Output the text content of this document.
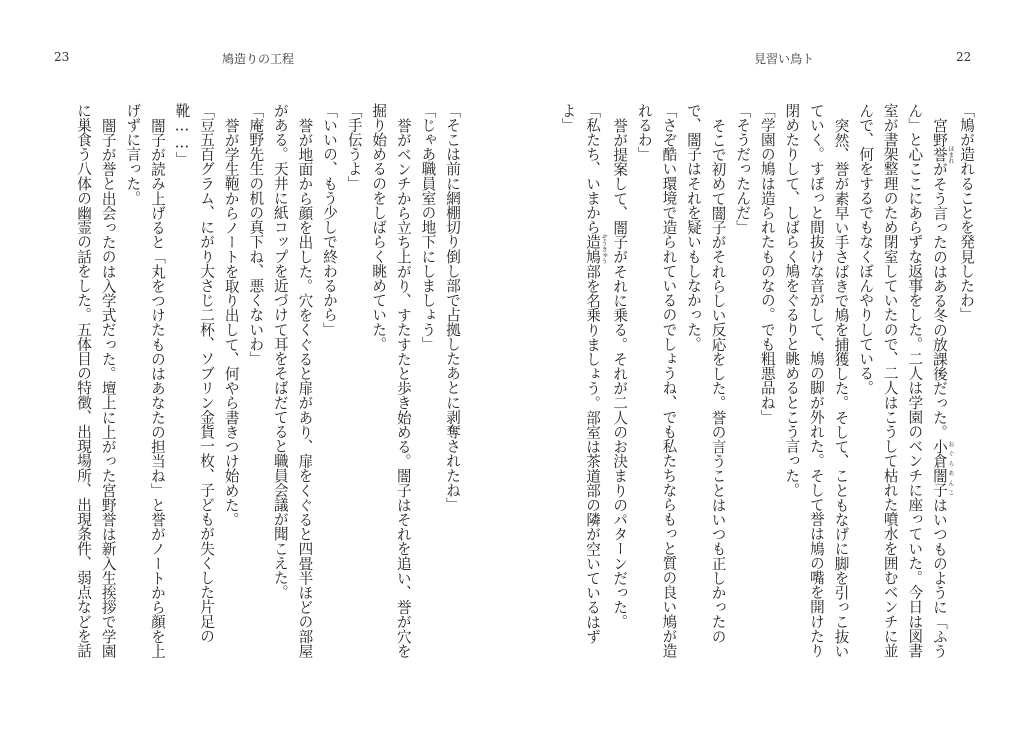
23	鳩造りの工程	見習い鳥ト	22

「鳩が造れることを発見したわ」

宮野誉 ほまれがそう言ったのはある冬の放課後だった。小倉闇子 おぐらあんこはいつものように「ふうん」と心ここにあらずな返事をした。二人は学園のベンチに座っていた。今日は図書室が書架整理のため閉室していたので、二人はこうして枯れた噴水を囲むベンチに並んで、何をするでもなくぼんやりしている。

突然、誉が素早い手さばきで鳩を捕獲した。そして、こともなげに脚を引っこ抜いていく。すぽっと間抜けな音がして、鳩の脚が外れた。そして誉は鳩の嘴を開けたり閉めたりして、しばらく鳩をぐるりと眺めるとこう言った。

「学園の鳩は造られたものなの。でも粗悪品ね」

「そうだったんだ」

そこで初めて闇子がそれらしい反応をした。誉の言うことはいつも正しかったので、闇子はそれを疑いもしなかった。

「さぞ酷い環境で造られているのでしょうね、でも私たちならもっと質の良い鳩が造れるわ」

誉が提案して、闇子がそれに乗る。それが二人のお決まりのパターンだった。

「私たち、いまから造鳩 ぞうきゅう部を名乗りましょう。部室は茶道部の隣が空いているはずよ」

「そこは前に網棚切り倒し部で占拠したあとに剥奪されたね」

「じゃあ職員室の地下にしましょう」

誉がベンチから立ち上がり、すたすたと歩き始める。闇子はそれを追い、誉が穴を掘り始めるのをしばらく眺めていた。

「手伝うよ」

「いいの、もう少しで終わるから」

誉が地面から顔を出した。穴をくぐると扉があり、扉をくぐると四畳半ほどの部屋がある。天井に紙コップを近づけて耳をそばだてると職員会議が聞こえた。

「庵野先生の机の真下ね、悪くないわ」

誉が学生鞄からノートを取り出して、何やら書きつけ始めた。

「豆五百グラム、にがり大さじ二杯、ソブリン金貨一枚、子どもが失くした片足の靴……」

闇子が読み上げると「丸をつけたものはあなたの担当ね」と誉がノートから顔を上げずに言った。

闇子が誉と出会ったのは入学式だった。壇上に上がった宮野誉は新入生挨拶で学園に巣食う八体の幽霊の話をした。五体目の特徴、出現場所、出現条件、弱点などを話
